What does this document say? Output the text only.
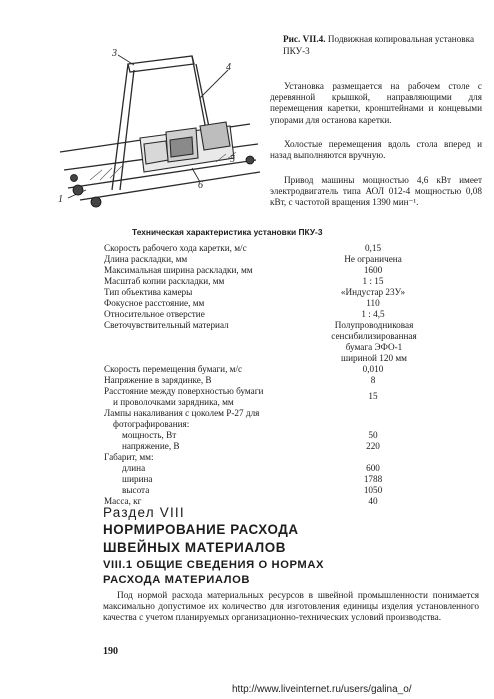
3
4
5
6
1
Рис. VII.4. Подвижная копировальная установка ПКУ-3
Установка размещается на рабочем столе с деревянной крышкой, направляющими для перемещения каретки, кронштейнами и концевыми упорами для останова каретки.
Холостые перемещения вдоль стола вперед и назад выполняются вручную.
Привод машины мощностью 4,6 кВт имеет электродвигатель типа АОЛ 012-4 мощностью 0,08 кВт, с частотой вращения 1390 мин⁻¹.
Техническая характеристика установки ПКУ-3
Скорость рабочего хода каретки, м/с	0,15
Длина раскладки, мм	Не ограничена
Максимальная ширина раскладки, мм	1600
Масштаб копии раскладки, мм	1 : 15
Тип объектива камеры	«Индустар 23У»
Фокусное расстояние, мм	110
Относительное отверстие	1 : 4,5
Светочувствительный материал	Полупроводниковая
сенсибилизированная
бумага ЭФО-1
шириной 120 мм
Скорость перемещения бумаги, м/с	0,010
Напряжение в зарядинке, В	8
Расстояние между поверхностью бумаги
и проволочками зарядника, мм
15
Лампы накаливания с цоколем Р-27 для
фотографирования:
мощность, Вт	50
напряжение, В	220
Габарит, мм:
длина	600
ширина	1788
высота	1050
Масса, кг	40
Раздел VIII
НОРМИРОВАНИЕ РАСХОДА
ШВЕЙНЫХ МАТЕРИАЛОВ
VIII.1 ОБЩИЕ СВЕДЕНИЯ О НОРМАХ
РАСХОДА МАТЕРИАЛОВ
Под нормой расхода материальных ресурсов в швейной промышленности понимается максимально допустимое их количество для изготовления единицы изделия установленного качества с учетом планируемых организационно-технических условий производства.
190
http://www.liveinternet.ru/users/galina_o/
